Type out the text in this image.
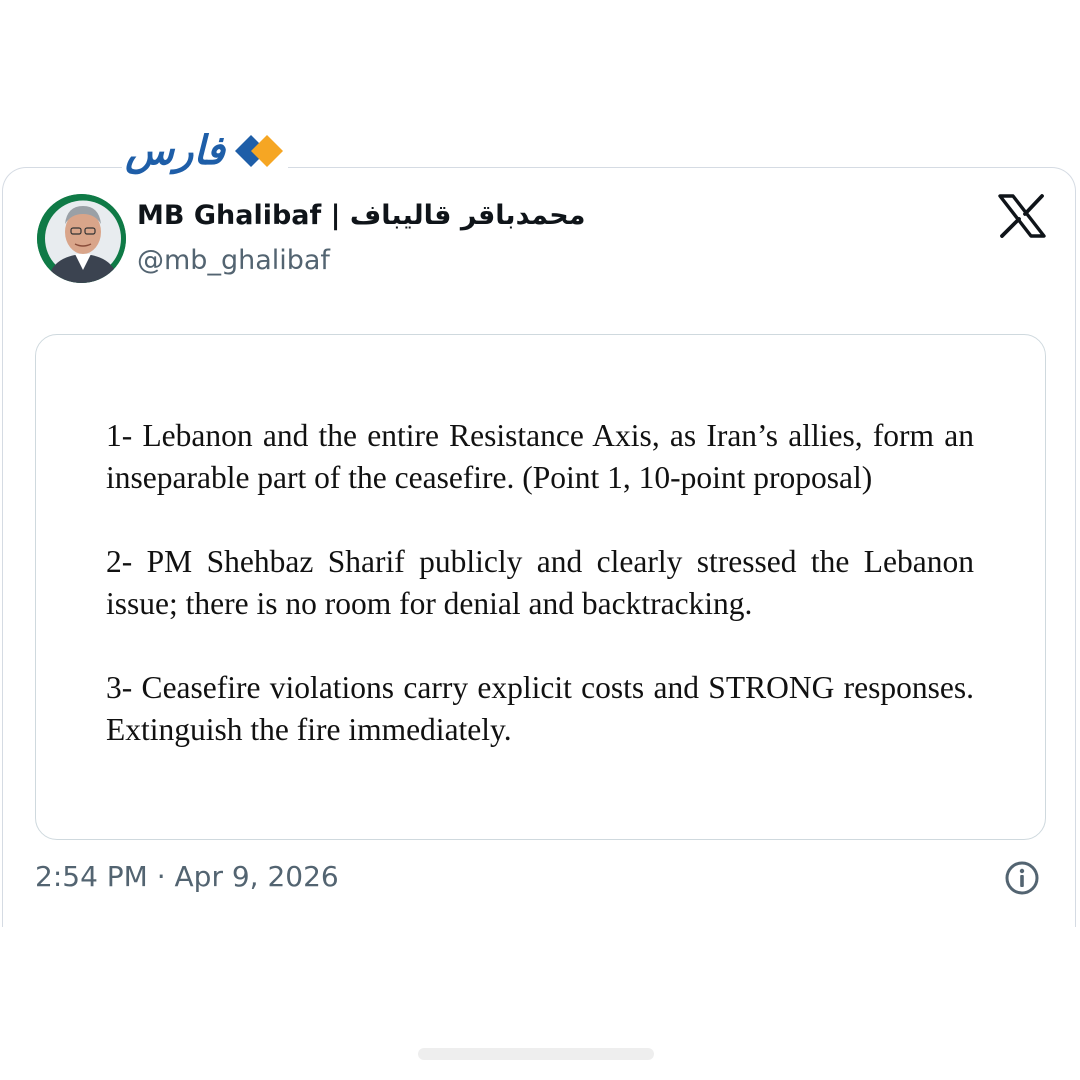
فارس
MB Ghalibaf | محمدباقر قالیباف
@mb_ghalibaf

1- Lebanon and the entire Resistance Axis, as Iran’s allies, form an inseparable part of the ceasefire. (Point 1, 10-point proposal)

2- PM Shehbaz Sharif publicly and clearly stressed the Lebanon issue; there is no room for denial and backtracking.

3- Ceasefire violations carry explicit costs and STRONG responses. Extinguish the fire immediately.

2:54 PM · Apr 9, 2026
